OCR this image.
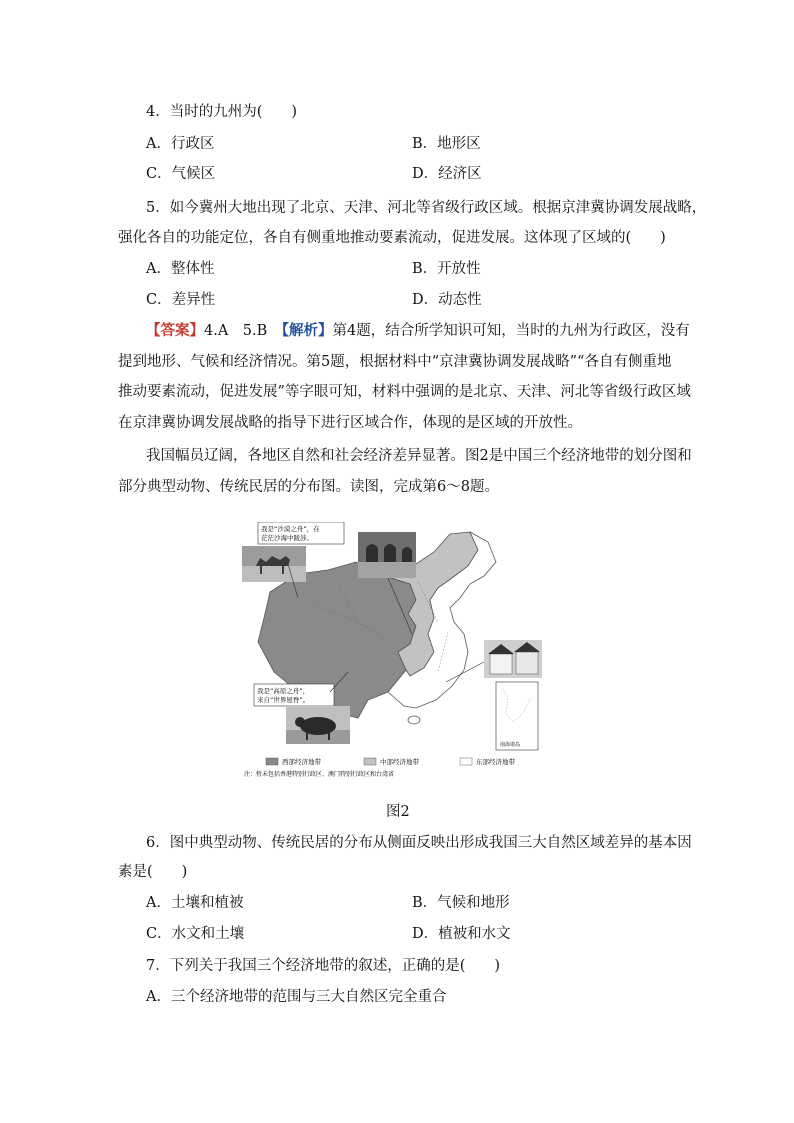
4．当时的九州为(　　)
A．行政区	B．地形区
C．气候区	D．经济区
5．如今冀州大地出现了北京、天津、河北等省级行政区域。根据京津冀协调发展战略，
强化各自的功能定位，各自有侧重地推动要素流动，促进发展。这体现了区域的(　　)
A．整体性	B．开放性
C．差异性	D．动态性
【答案】4.A　5.B　【解析】第4题，结合所学知识可知，当时的九州为行政区，没有
提到地形、气候和经济情况。第5题，根据材料中“京津冀协调发展战略”“各自有侧重地
推动要素流动，促进发展”等字眼可知，材料中强调的是北京、天津、河北等省级行政区域
在京津冀协调发展战略的指导下进行区域合作，体现的是区域的开放性。
我国幅员辽阔，各地区自然和社会经济差异显著。图2是中国三个经济地带的划分图和
部分典型动物、传统民居的分布图。读图，完成第6～8题。
我是“沙漠之舟”，在
茫茫沙海中跋涉。
我是“高原之舟”，
来自“世界屋脊”。
南海诸岛
西部经济地带	中部经济地带	东部经济地带
注：暂未包括香港特别行政区、澳门特别行政区和台湾省
图2
6．图中典型动物、传统民居的分布从侧面反映出形成我国三大自然区域差异的基本因
素是(　　)
A．土壤和植被	B．气候和地形
C．水文和土壤	D．植被和水文
7．下列关于我国三个经济地带的叙述，正确的是(　　)
A．三个经济地带的范围与三大自然区完全重合
